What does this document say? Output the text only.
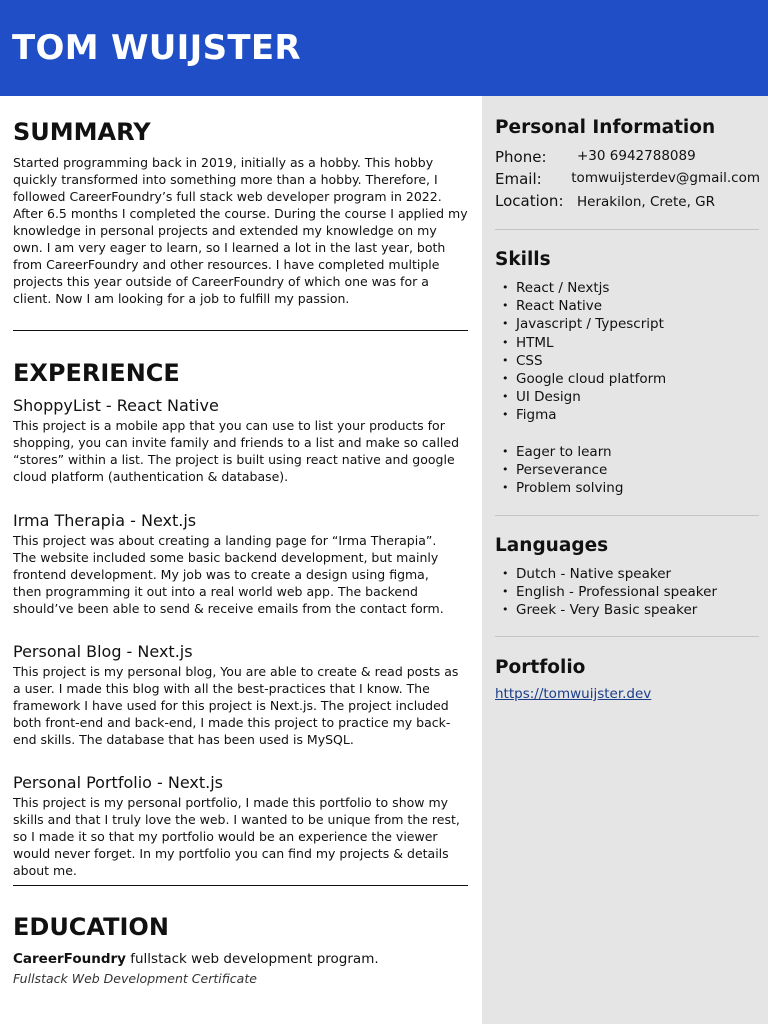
TOM WUIJSTER
SUMMARY

Started programming back in 2019, initially as a hobby. This hobby quickly transformed into something more than a hobby. Therefore, I followed CareerFoundry’s full stack web developer program in 2022. After 6.5 months I completed the course. During the course I applied my knowledge in personal projects and extended my knowledge on my own. I am very eager to learn, so I learned a lot in the last year, both from CareerFoundry and other resources. I have completed multiple projects this year outside of CareerFoundry of which one was for a client. Now I am looking for a job to fulfill my passion.

EXPERIENCE
ShoppyList - React Native

This project is a mobile app that you can use to list your products for shopping, you can invite family and friends to a list and make so called “stores” within a list. The project is built using react native and google cloud platform (authentication & database).

Irma Therapia - Next.js

This project was about creating a landing page for “Irma Therapia”. The website included some basic backend development, but mainly frontend development. My job was to create a design using figma, then programming it out into a real world web app. The backend should’ve been able to send & receive emails from the contact form.

Personal Blog - Next.js

This project is my personal blog, You are able to create & read posts as a user. I made this blog with all the best-practices that I know. The framework I have used for this project is Next.js. The project included both front-end and back-end, I made this project to practice my back-end skills. The database that has been used is MySQL.

Personal Portfolio - Next.js

This project is my personal portfolio, I made this portfolio to show my skills and that I truly love the web. I wanted to be unique from the rest, so I made it so that my portfolio would be an experience the viewer would never forget. In my portfolio you can find my projects & details about me.

EDUCATION

CareerFoundry fullstack web development program.

Fullstack Web Development Certificate

Personal Information
Phone:	+30 6942788089
Email:	tomwuijsterdev@gmail.com
Location:	Herakilon, Crete, GR
Skills
• React / Nextjs
• React Native
• Javascript / Typescript
• HTML
• CSS
• Google cloud platform
• UI Design
• Figma
• Eager to learn
• Perseverance
• Problem solving
Languages
• Dutch - Native speaker
• English - Professional speaker
• Greek - Very Basic speaker
Portfolio
https://tomwuijster.dev
